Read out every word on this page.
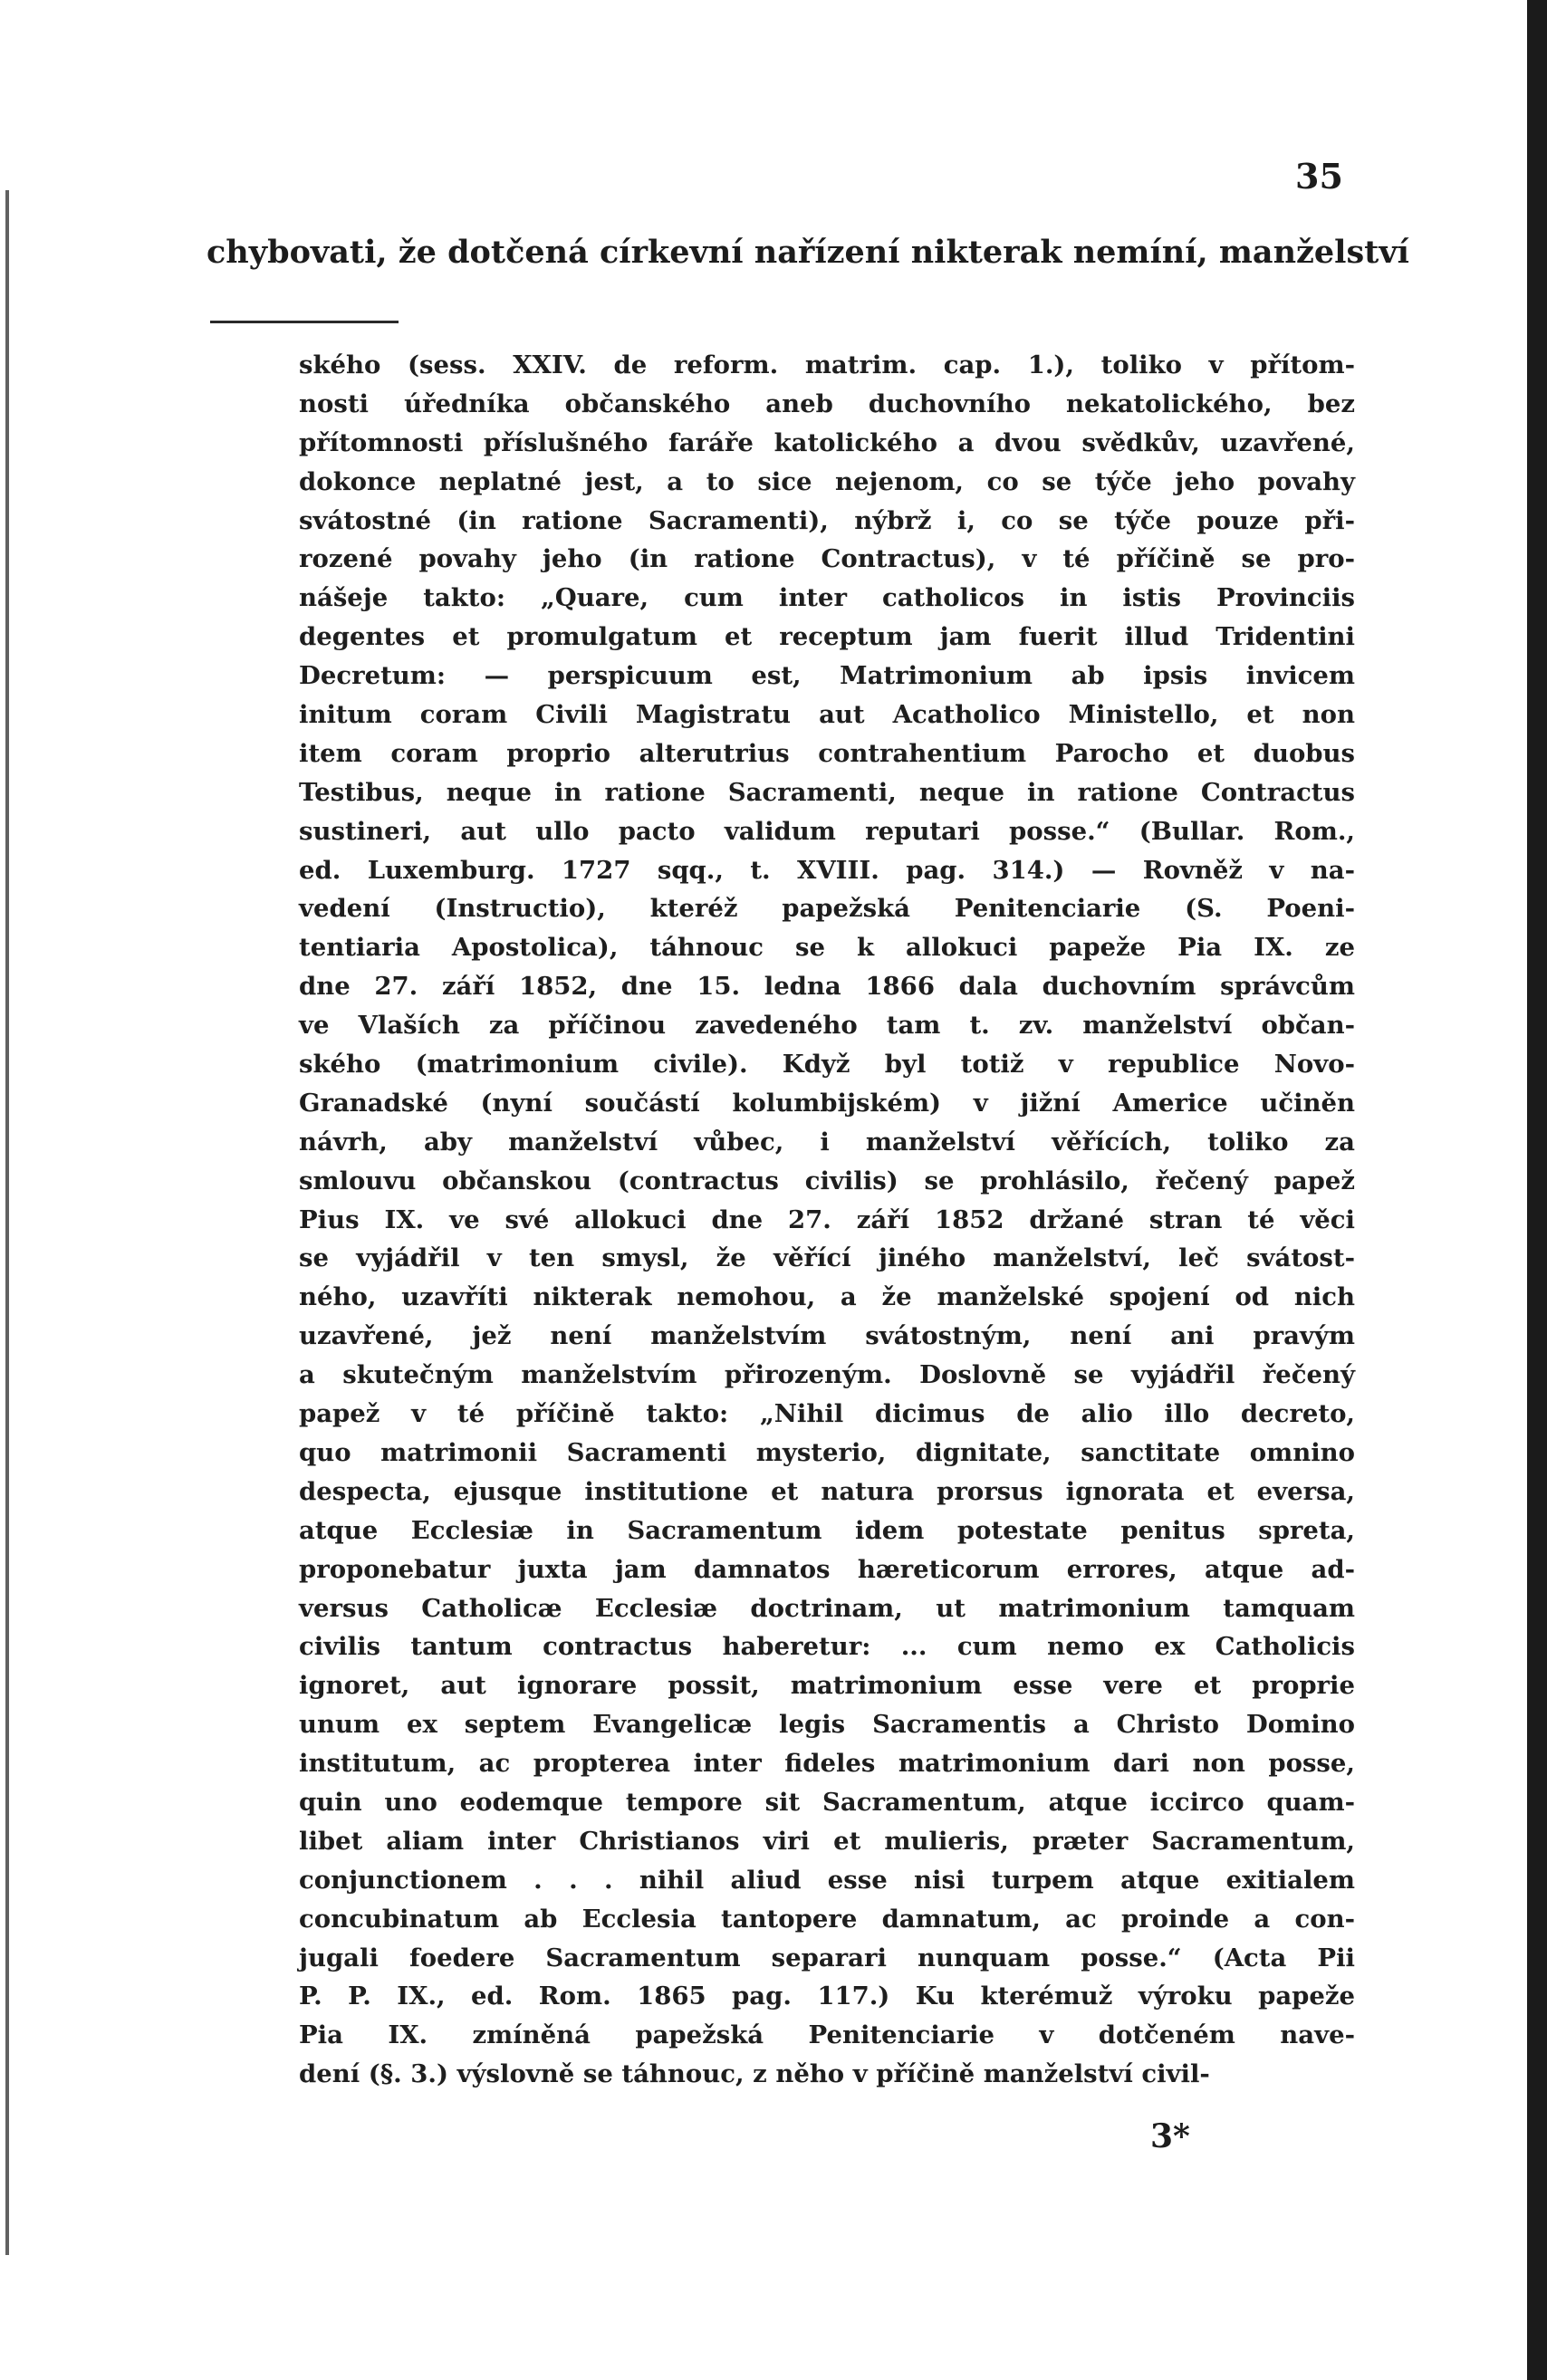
35
chybovati, že dotčená církevní nařízení nikterak nemíní, manželství
ského (sess. XXIV. de reform. matrim. cap. 1.), toliko v přítom-
nosti úředníka občanského aneb duchovního nekatolického, bez
přítomnosti příslušného faráře katolického a dvou svědkův, uzavřené,
dokonce neplatné jest, a to sice nejenom, co se týče jeho povahy
svátostné (in ratione Sacramenti), nýbrž i, co se týče pouze při-
rozené povahy jeho (in ratione Contractus), v té příčině se pro-
nášeje takto: „Quare, cum inter catholicos in istis Provinciis
degentes et promulgatum et receptum jam fuerit illud Tridentini
Decretum: — perspicuum est, Matrimonium ab ipsis invicem
initum coram Civili Magistratu aut Acatholico Ministello, et non
item coram proprio alterutrius contrahentium Parocho et duobus
Testibus, neque in ratione Sacramenti, neque in ratione Contractus
sustineri, aut ullo pacto validum reputari posse.“ (Bullar. Rom.,
ed. Luxemburg. 1727 sqq., t. XVIII. pag. 314.) — Rovněž v na-
vedení (Instructio), kteréž papežská Penitenciarie (S. Poeni-
tentiaria Apostolica), táhnouc se k allokuci papeže Pia IX. ze
dne 27. září 1852, dne 15. ledna 1866 dala duchovním správcům
ve Vlaších za příčinou zavedeného tam t. zv. manželství občan-
ského (matrimonium civile). Když byl totiž v republice Novo-
Granadské (nyní součástí kolumbijském) v jižní Americe učiněn
návrh, aby manželství vůbec, i manželství věřících, toliko za
smlouvu občanskou (contractus civilis) se prohlásilo, řečený papež
Pius IX. ve své allokuci dne 27. září 1852 držané stran té věci
se vyjádřil v ten smysl, že věřící jiného manželství, leč svátost-
ného, uzavříti nikterak nemohou, a že manželské spojení od nich
uzavřené, jež není manželstvím svátostným, není ani pravým
a skutečným manželstvím přirozeným. Doslovně se vyjádřil řečený
papež v té příčině takto: „Nihil dicimus de alio illo decreto,
quo matrimonii Sacramenti mysterio, dignitate, sanctitate omnino
despecta, ejusque institutione et natura prorsus ignorata et eversa,
atque Ecclesiæ in Sacramentum idem potestate penitus spreta,
proponebatur juxta jam damnatos hæreticorum errores, atque ad-
versus Catholicæ Ecclesiæ doctrinam, ut matrimonium tamquam
civilis tantum contractus haberetur: ... cum nemo ex Catholicis
ignoret, aut ignorare possit, matrimonium esse vere et proprie
unum ex septem Evangelicæ legis Sacramentis a Christo Domino
institutum, ac propterea inter fideles matrimonium dari non posse,
quin uno eodemque tempore sit Sacramentum, atque iccirco quam-
libet aliam inter Christianos viri et mulieris, præter Sacramentum,
conjunctionem . . . nihil aliud esse nisi turpem atque exitialem
concubinatum ab Ecclesia tantopere damnatum, ac proinde a con-
jugali foedere Sacramentum separari nunquam posse.“ (Acta Pii
P. P. IX., ed. Rom. 1865 pag. 117.) Ku kterémuž výroku papeže
Pia IX. zmíněná papežská Penitenciarie v dotčeném nave-
dení (§. 3.) výslovně se táhnouc, z něho v příčině manželství civil-
3*
